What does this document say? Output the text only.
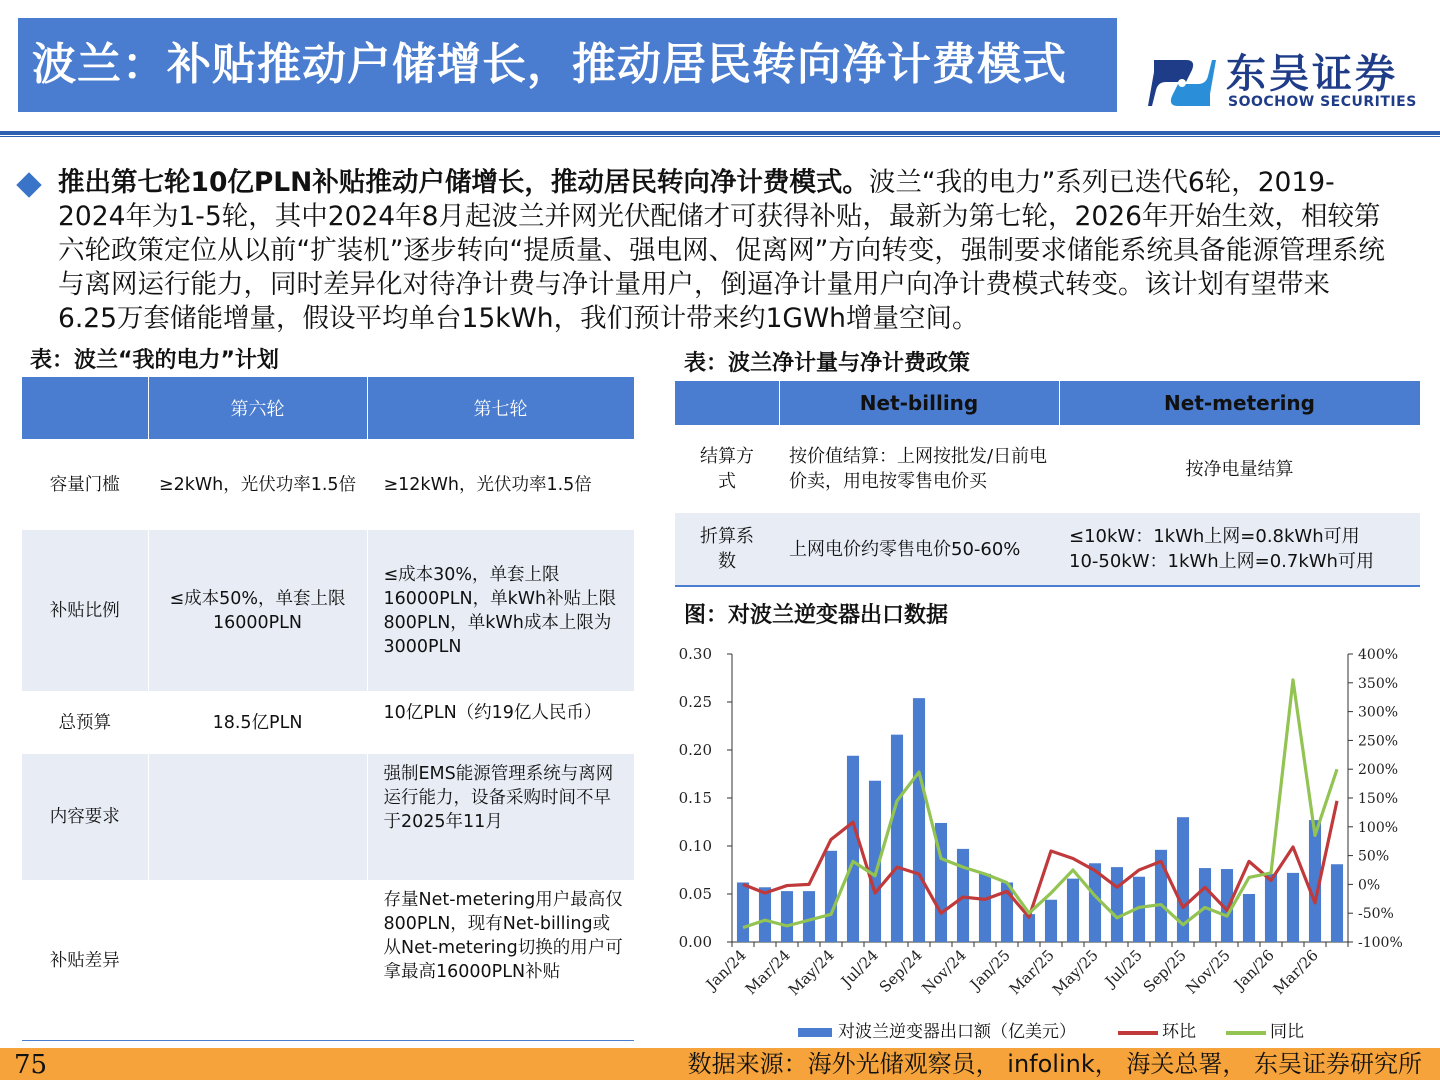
波兰：补贴推动户储增长，推动居民转向净计费模式	东吴证券
SOOCHOW SECURITIES
推出第七轮10亿PLN补贴推动户储增长，推动居民转向净计费模式。波兰“我的电力”系列已迭代6轮，2019-2024年为1-5轮，其中2024年8月起波兰并网光伏配储才可获得补贴，最新为第七轮，2026年开始生效，相较第六轮政策定位从以前“扩装机”逐步转向“提质量、强电网、促离网”方向转变，强制要求储能系统具备能源管理系统与离网运行能力，同时差异化对待净计费与净计量用户，倒逼净计量用户向净计费模式转变。该计划有望带来6.25万套储能增量，假设平均单台15kWh，我们预计带来约1GWh增量空间。
表：波兰“我的电力”计划
	第六轮	第七轮
容量门槛	≥2kWh，光伏功率1.5倍	≥12kWh，光伏功率1.5倍
补贴比例	≤成本50%，单套上限16000PLN	≤成本30%，单套上限16000PLN，单kWh补贴上限800PLN，单kWh成本上限为3000PLN
总预算	18.5亿PLN	10亿PLN（约19亿人民币）
内容要求		强制EMS能源管理系统与离网运行能力，设备采购时间不早于2025年11月
补贴差异		存量Net-metering用户最高仅800PLN，现有Net-billing或从Net-metering切换的用户可拿最高16000PLN补贴
表：波兰净计量与净计费政策
	Net-billing	Net-metering
结算方式	按价值结算：上网按批发/日前电价卖，用电按零售电价买	按净电量结算
折算系数	上网电价约零售电价50-60%	≤10kW：1kWh上网=0.8kWh可用
10-50kW：1kWh上网=0.7kWh可用
图：对波兰逆变器出口数据
0.00
0.05
0.10
0.15
0.20
0.25
0.30
-100%
-50%
0%
50%
100%
150%
200%
250%
300%
350%
400%
Jan/24
Mar/24
May/24 Jul/24
Sep/24
Nov/24
Jan/25
Mar/25
May/25 Jul/25
Sep/25
Nov/25
Jan/26
Mar/26
对波兰逆变器出口额（亿美元）	环比	同比
75	数据来源：海外光储观察员， infolink， 海关总署， 东吴证券研究所
